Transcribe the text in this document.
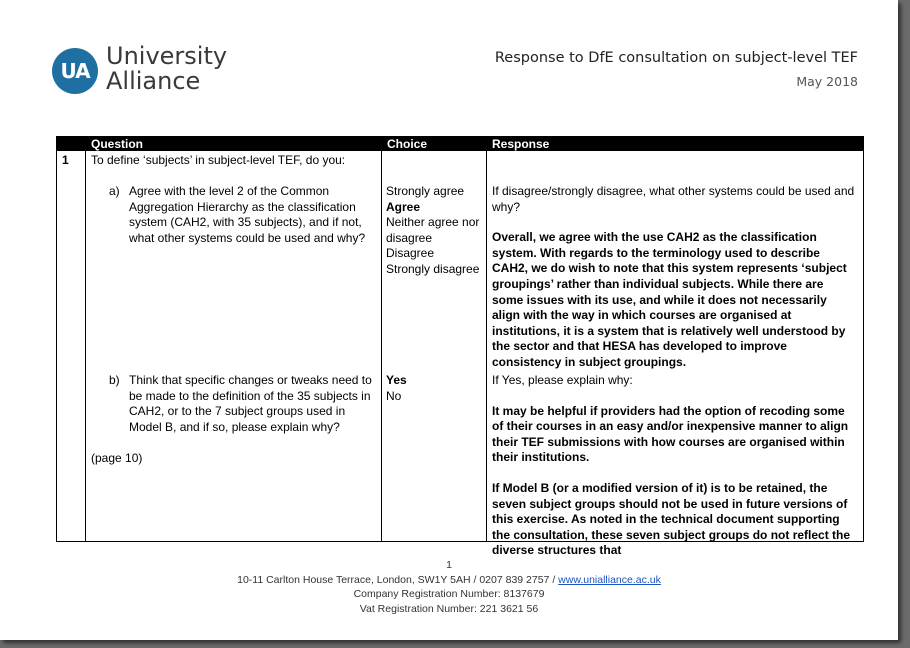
UA
University
Alliance
Response to DfE consultation on subject-level TEF
May 2018
Question	Choice	Response
1 To define ‘subjects’ in subject-level TEF, do you:
a) Agree with the level 2 of the Common Aggregation Hierarchy as the classification system (CAH2, with 35 subjects), and if not, what other systems could be used and why?
Strongly agree
Agree
Neither agree nor disagree
Disagree
Strongly disagree

If disagree/strongly disagree, what other systems could be used and why?

Overall, we agree with the use CAH2 as the classification system. With regards to the terminology used to describe CAH2, we do wish to note that this system represents ‘subject groupings’ rather than individual subjects. While there are some issues with its use, and while it does not necessarily align with the way in which courses are organised at institutions, it is a system that is relatively well understood by the sector and that HESA has developed to improve consistency in subject groupings.

b) Think that specific changes or tweaks need to be made to the definition of the 35 subjects in CAH2, or to the 7 subject groups used in Model B, and if so, please explain why?
(page 10)
Yes
No

If Yes, please explain why:

It may be helpful if providers had the option of recoding some of their courses in an easy and/or inexpensive manner to align their TEF submissions with how courses are organised within their institutions.

If Model B (or a modified version of it) is to be retained, the seven subject groups should not be used in future versions of this exercise. As noted in the technical document supporting the consultation, these seven subject groups do not reflect the diverse structures that

1
10-11 Carlton House Terrace, London, SW1Y 5AH / 0207 839 2757 / www.unialliance.ac.uk
Company Registration Number: 8137679
Vat Registration Number: 221 3621 56
